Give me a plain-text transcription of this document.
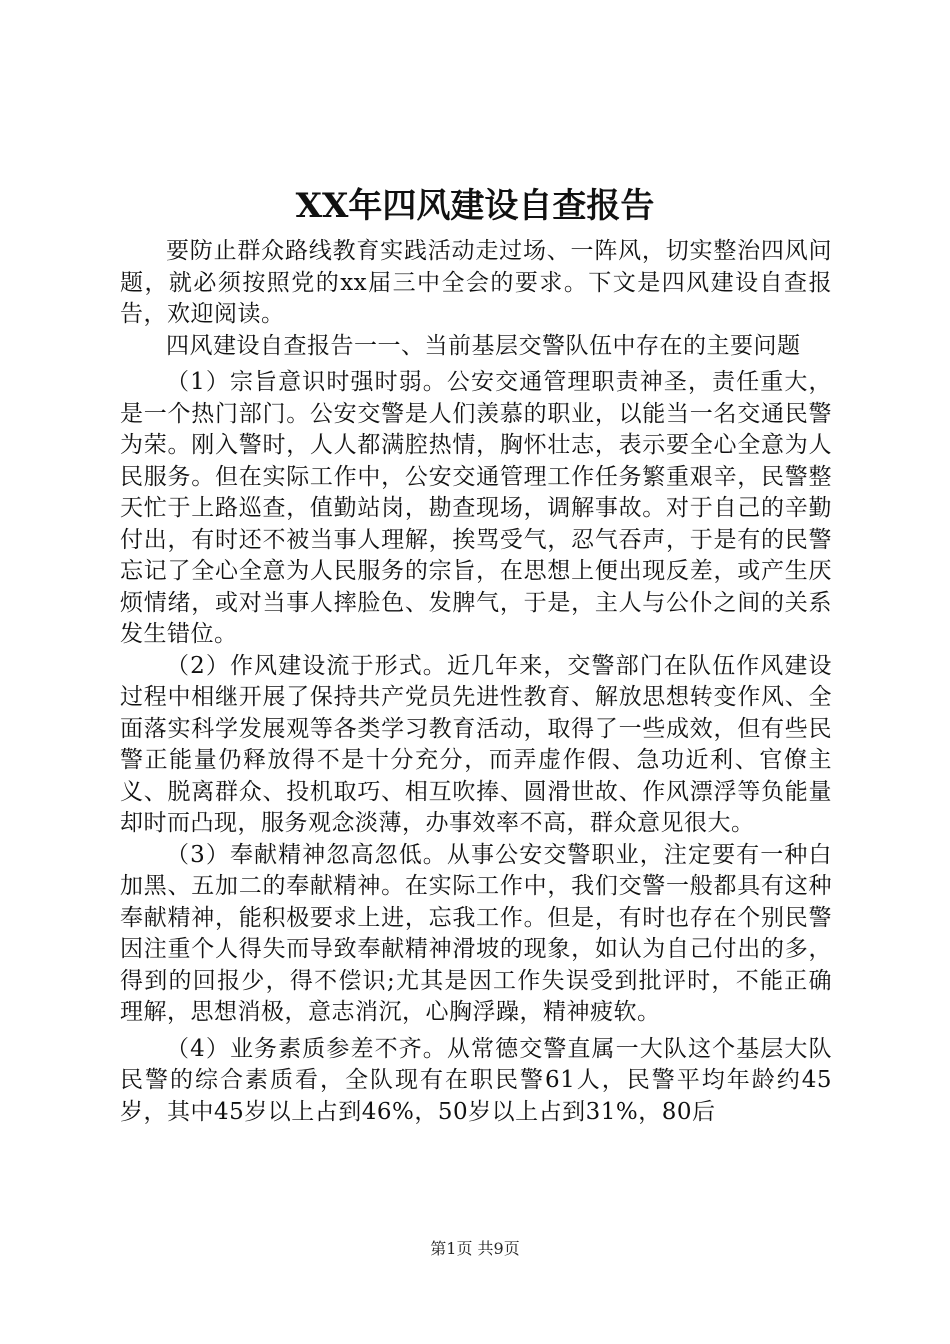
XX年四风建设自查报告

要防止群众路线教育实践活动走过场、一阵风，切实整治四风问题，就必须按照党的xx届三中全会的要求。下文是四风建设自查报告，欢迎阅读。

四风建设自查报告一一、当前基层交警队伍中存在的主要问题

（1）宗旨意识时强时弱。公安交通管理职责神圣，责任重大，是一个热门部门。公安交警是人们羡慕的职业，以能当一名交通民警为荣。刚入警时，人人都满腔热情，胸怀壮志，表示要全心全意为人民服务。但在实际工作中，公安交通管理工作任务繁重艰辛，民警整天忙于上路巡查，值勤站岗，勘查现场，调解事故。对于自己的辛勤付出，有时还不被当事人理解，挨骂受气，忍气吞声，于是有的民警忘记了全心全意为人民服务的宗旨，在思想上便出现反差，或产生厌烦情绪，或对当事人摔脸色、发脾气，于是，主人与公仆之间的关系发生错位。

（2）作风建设流于形式。近几年来，交警部门在队伍作风建设过程中相继开展了保持共产党员先进性教育、解放思想转变作风、全面落实科学发展观等各类学习教育活动，取得了一些成效，但有些民警正能量仍释放得不是十分充分，而弄虚作假、急功近利、官僚主义、脱离群众、投机取巧、相互吹捧、圆滑世故、作风漂浮等负能量却时而凸现，服务观念淡薄，办事效率不高，群众意见很大。

（3）奉献精神忽高忽低。从事公安交警职业，注定要有一种白加黑、五加二的奉献精神。在实际工作中，我们交警一般都具有这种奉献精神，能积极要求上进，忘我工作。但是，有时也存在个别民警因注重个人得失而导致奉献精神滑坡的现象，如认为自己付出的多，得到的回报少，得不偿识;尤其是因工作失误受到批评时，不能正确理解，思想消极，意志消沉，心胸浮躁，精神疲软。

（4）业务素质参差不齐。从常德交警直属一大队这个基层大队民警的综合素质看，全队现有在职民警61人，民警平均年龄约45岁，其中45岁以上占到46%，50岁以上占到31%，80后

第1页 共9页
